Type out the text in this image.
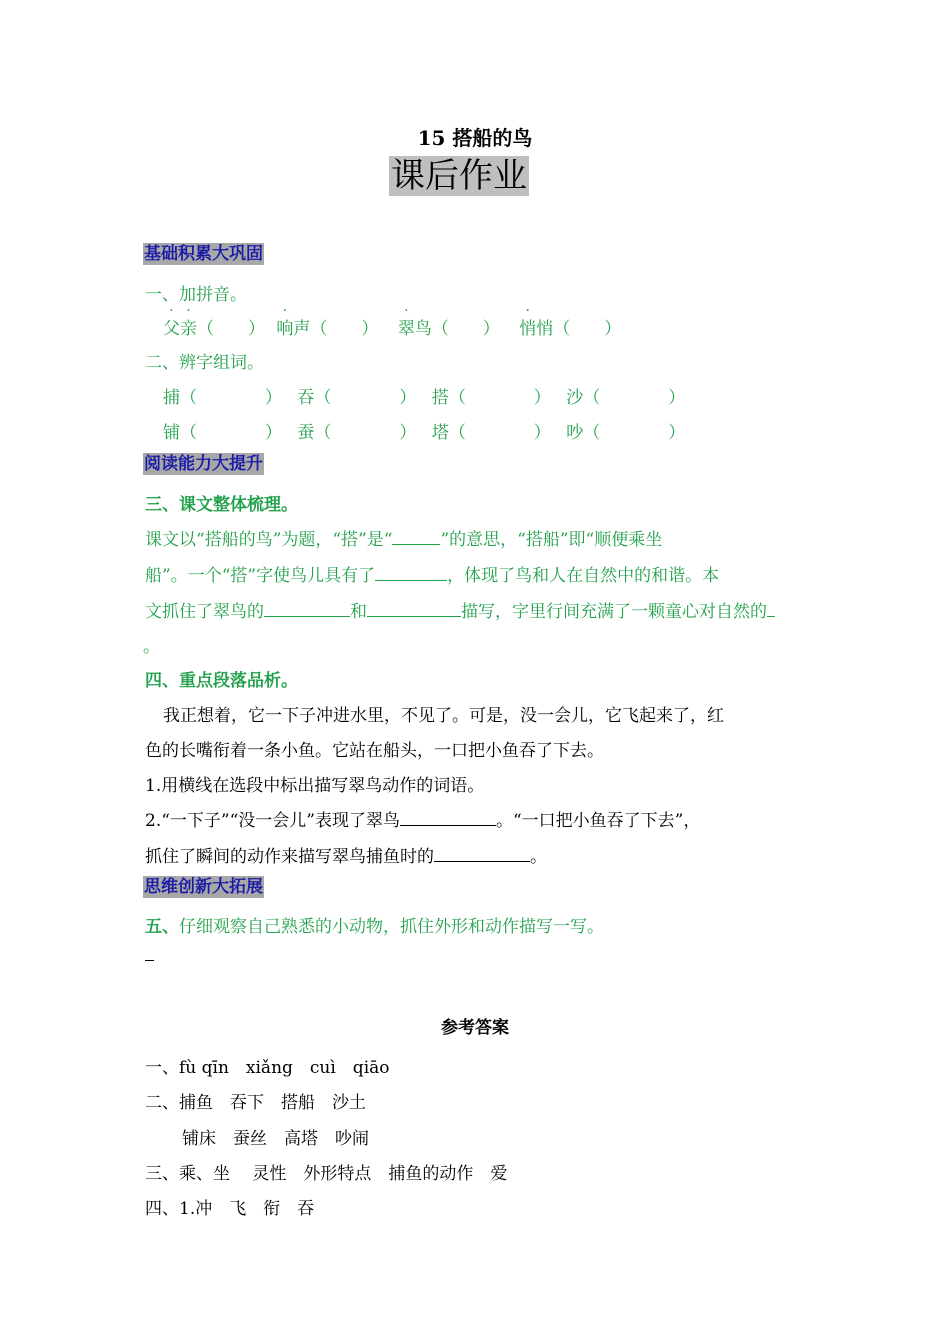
15 搭船的鸟
课后作业
基础积累大巩固
一、加拼音。
父亲（　　） 响声（　　） 翠鸟（　　） 悄悄（　　）
二、辨字组词。
捕（　　　　） 吞（　　　　） 搭（　　　　） 沙（　　　　）
铺（　　　　） 蚕（　　　　） 塔（　　　　） 吵（　　　　）
阅读能力大提升
三、课文整体梳理。
课文以“搭船的鸟”为题，“搭”是“	”的意思，“搭船”即“顺便乘坐
船”。一个“搭”字使鸟儿具有了	，体现了鸟和人在自然中的和谐。本
文抓住了翠鸟的	和	描写，字里行间充满了一颗童心对自然的
。
四、重点段落品析。
我正想着，它一下子冲进水里，不见了。可是，没一会儿，它飞起来了，红
色的长嘴衔着一条小鱼。它站在船头，一口把小鱼吞了下去。
1.用横线在选段中标出描写翠鸟动作的词语。
2.“一下子”“没一会儿”表现了翠鸟	。“一口把小鱼吞了下去”，
抓住了瞬间的动作来描写翠鸟捕鱼时的	。
思维创新大拓展
五、仔细观察自己熟悉的小动物，抓住外形和动作描写一写。
参考答案
一、fù qīn　xiǎng　cuì　qiāo
二、捕鱼　吞下　搭船　沙土
铺床　蚕丝　高塔　吵闹
三、乘、坐　 灵性　外形特点　捕鱼的动作　爱
四、1.冲　飞　衔　吞
